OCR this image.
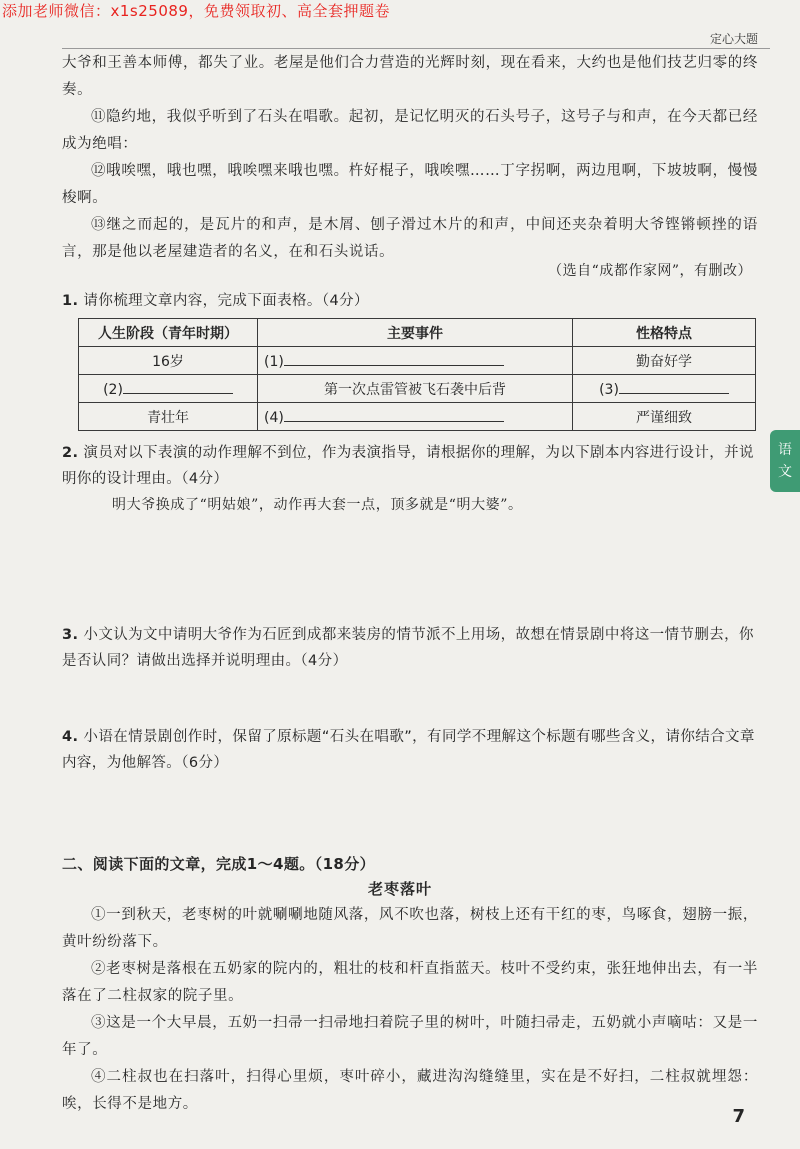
添加老师微信：x1s25089，免费领取初、高全套押题卷
定心大题
语
文

大爷和王善本师傅，都失了业。老屋是他们合力营造的光辉时刻，现在看来，大约也是他们技艺归零的终奏。

⑪隐约地，我似乎听到了石头在唱歌。起初，是记忆明灭的石头号子，这号子与和声，在今天都已经成为绝唱：

⑫哦唉嘿，哦也嘿，哦唉嘿来哦也嘿。杵好棍子，哦唉嘿……丁字拐啊，两边甩啊，下坡坡啊，慢慢梭啊。

⑬继之而起的，是瓦片的和声，是木屑、刨子滑过木片的和声，中间还夹杂着明大爷铿锵顿挫的语言，那是他以老屋建造者的名义，在和石头说话。

（选自“成都作家网”，有删改）

1. 请你梳理文章内容，完成下面表格。（4分）

人生阶段（青年时期）	主要事件	性格特点
16岁	(1)	勤奋好学
(2)	第一次点雷管被飞石袭中后背	(3)
青壮年	(4)	严谨细致

2. 演员对以下表演的动作理解不到位，作为表演指导，请根据你的理解，为以下剧本内容进行设计，并说明你的设计理由。（4分）

明大爷换成了“明姑娘”，动作再大套一点，顶多就是“明大婆”。

3. 小文认为文中请明大爷作为石匠到成都来装房的情节派不上用场，故想在情景剧中将这一情节删去，你是否认同？请做出选择并说明理由。（4分）

4. 小语在情景剧创作时，保留了原标题“石头在唱歌”，有同学不理解这个标题有哪些含义，请你结合文章内容，为他解答。（6分）

二、阅读下面的文章，完成1～4题。（18分）
老枣落叶

①一到秋天，老枣树的叶就唰唰地随风落，风不吹也落，树枝上还有干红的枣，鸟啄食，翅膀一振，黄叶纷纷落下。

②老枣树是落根在五奶家的院内的，粗壮的枝和杆直指蓝天。枝叶不受约束，张狂地伸出去，有一半落在了二柱叔家的院子里。

③这是一个大早晨，五奶一扫帚一扫帚地扫着院子里的树叶，叶随扫帚走，五奶就小声嘀咕：又是一年了。

④二柱叔也在扫落叶，扫得心里烦，枣叶碎小，藏进沟沟缝缝里，实在是不好扫，二柱叔就埋怨：唉，长得不是地方。

7
